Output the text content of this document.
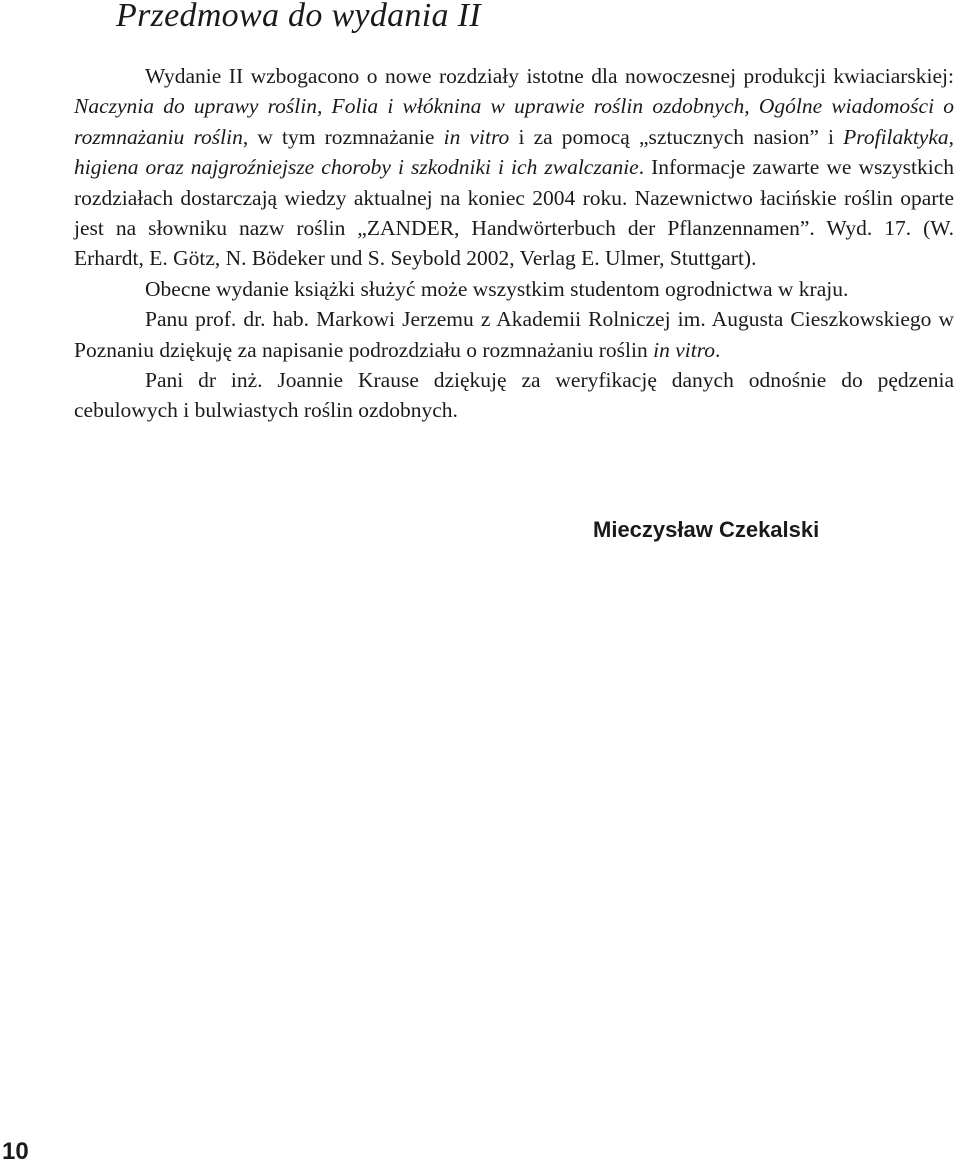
Przedmowa do wydania II

Wydanie II wzbogacono o nowe rozdziały istotne dla nowoczesnej produkcji kwiaciarskiej: Naczynia do uprawy roślin, Folia i włóknina w uprawie roślin ozdobnych, Ogólne wiadomości o rozmnażaniu roślin, w tym rozmnażanie in vitro i za pomocą „sztucznych nasion” i Profilaktyka, higiena oraz najgroźniejsze choroby i szkodniki i ich zwalczanie. Informacje zawarte we wszystkich rozdziałach dostarczają wiedzy aktualnej na koniec 2004 roku. Nazewnictwo łacińskie roślin oparte jest na słowniku nazw roślin „ZANDER, Handwörterbuch der Pflanzennamen”. Wyd. 17. (W. Erhardt, E. Götz, N. Bödeker und S. Seybold 2002, Verlag E. Ulmer, Stuttgart).

Obecne wydanie książki służyć może wszystkim studentom ogrodnictwa w kraju.

Panu prof. dr. hab. Markowi Jerzemu z Akademii Rolniczej im. Augusta Cieszkowskiego w Poznaniu dziękuję za napisanie podrozdziału o rozmnażaniu roślin in vitro.

Pani dr inż. Joannie Krause dziękuję za weryfikację danych odnośnie do pędzenia cebulowych i bulwiastych roślin ozdobnych.

Mieczysław Czekalski
10
